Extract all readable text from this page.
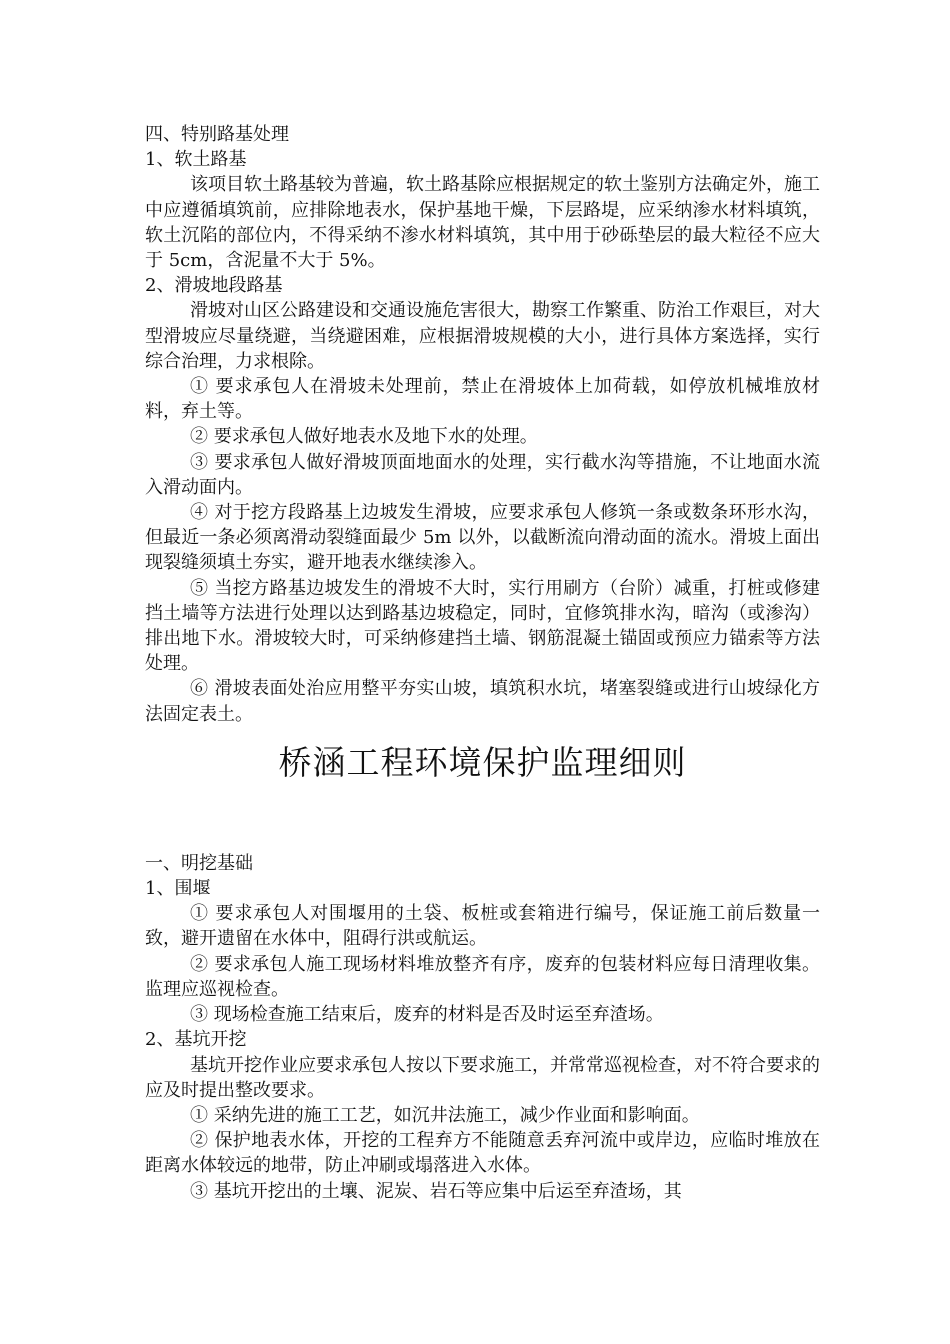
四、特别路基处理

1、软土路基

该项目软土路基较为普遍，软土路基除应根据规定的软土鉴别方法确定外，施工中应遵循填筑前，应排除地表水，保护基地干燥，下层路堤，应采纳渗水材料填筑，软土沉陷的部位内，不得采纳不渗水材料填筑，其中用于砂砾垫层的最大粒径不应大于 5cm，含泥量不大于 5%。

2、滑坡地段路基

滑坡对山区公路建设和交通设施危害很大，勘察工作繁重、防治工作艰巨，对大型滑坡应尽量绕避，当绕避困难，应根据滑坡规模的大小，进行具体方案选择，实行综合治理，力求根除。

① 要求承包人在滑坡未处理前，禁止在滑坡体上加荷载，如停放机械堆放材料，弃土等。

② 要求承包人做好地表水及地下水的处理。

③ 要求承包人做好滑坡顶面地面水的处理，实行截水沟等措施，不让地面水流入滑动面内。

④ 对于挖方段路基上边坡发生滑坡，应要求承包人修筑一条或数条环形水沟，但最近一条必须离滑动裂缝面最少 5m 以外，以截断流向滑动面的流水。滑坡上面出现裂缝须填土夯实，避开地表水继续渗入。

⑤ 当挖方路基边坡发生的滑坡不大时，实行用刷方（台阶）减重，打桩或修建挡土墙等方法进行处理以达到路基边坡稳定，同时，宜修筑排水沟，暗沟（或渗沟）排出地下水。滑坡较大时，可采纳修建挡土墙、钢筋混凝土锚固或预应力锚索等方法处理。

⑥ 滑坡表面处治应用整平夯实山坡，填筑积水坑，堵塞裂缝或进行山坡绿化方法固定表土。

桥涵工程环境保护监理细则

一、明挖基础

1、围堰

① 要求承包人对围堰用的土袋、板桩或套箱进行编号，保证施工前后数量一致，避开遗留在水体中，阻碍行洪或航运。

② 要求承包人施工现场材料堆放整齐有序，废弃的包装材料应每日清理收集。监理应巡视检查。

③ 现场检查施工结束后，废弃的材料是否及时运至弃渣场。

2、基坑开挖

基坑开挖作业应要求承包人按以下要求施工，并常常巡视检查，对不符合要求的应及时提出整改要求。

① 采纳先进的施工工艺，如沉井法施工，减少作业面和影响面。

② 保护地表水体，开挖的工程弃方不能随意丢弃河流中或岸边，应临时堆放在距离水体较远的地带，防止冲刷或塌落进入水体。

③ 基坑开挖出的土壤、泥炭、岩石等应集中后运至弃渣场，其
